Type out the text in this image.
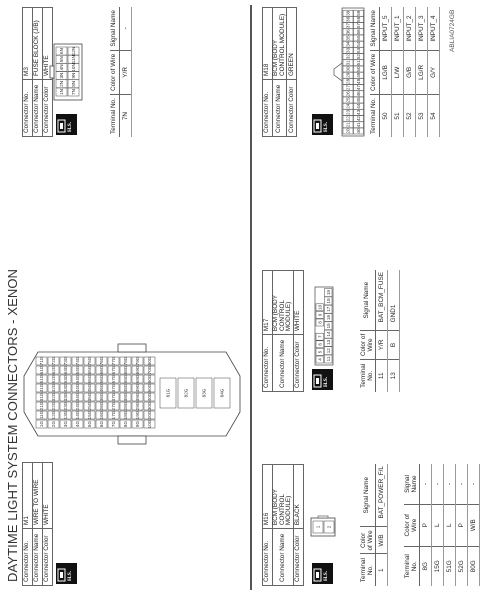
DAYTIME LIGHT SYSTEM CONNECTORS - XENON
ABLIA0724GB
Connector No.	M1
Connector Name	WIRE TO WIRE
Connector Color	WHITE
H.S.
1G 2G 3G 4G 5G 6G 7G 8G 9G 10G
11G 12G 13G 14G 15G 16G 17G 18G 19G 20G
21G 22G 23G 24G 25G 26G 27G 28G 29G 30G
31G 32G 33G 34G 35G 36G 37G 38G 39G 40G
41G 42G 43G 44G 45G 46G 47G 48G 49G 50G
51G 52G 53G 54G 55G 56G 57G 58G 59G 60G
61G 62G 63G 64G 65G 66G 67G 68G 69G 70G
71G 72G 73G 74G 75G 76G 77G 78G 79G 80G
81G	82G	83G	84G
Terminal No.	Color of Wire	Signal Name
8G	P	-
15G	L	-
51G	L	-
52G	P	-
80G	W/B	-
Connector No.	M3
Connector Name	FUSE BLOCK (J/B)
Connector Color	WHITE
H.S.
1N
2N
3N
4N
5N
6N
7N
8N
9N
10N
11N
12N
Terminal No.	Color of Wire	Signal Name
7N	Y/R	-
Connector No.	M16
Connector Name	BCM (BODY CONTROL MODULE)
Connector Color	BLACK
H.S.
1 2
Terminal No.	Color of Wire	Signal Name
1	W/B	BAT_POWER_F/L
Connector No.	M17
Connector Name	BCM (BODY CONTROL MODULE)
Connector Color	WHITE
H.S.
4
5
6
7
8
9
10
11
12
13
14
15
16
17
18
19
Terminal No.	Color of Wire	Signal Name
11	Y/R	BAT_BCM_FUSE
13	B	GND1
Connector No.	M18
Connector Name	BCM (BODY CONTROL MODULE)
Connector Color	GREEN
H.S.	20
21
22
23
24
25
26
27
28
29
30
31
32
33
34
35
36
37
38
39
40
41
42
43
44
45
46
47
48
49
50
51
52
53
54
55
56
57
58
59
Terminal No.	Color of Wire	Signal Name
50	LG/B	INPUT_5
51	L/W	INPUT_1
52	G/B	INPUT_2
53	LG/R	INPUT_3
54	G/Y	INPUT_4
